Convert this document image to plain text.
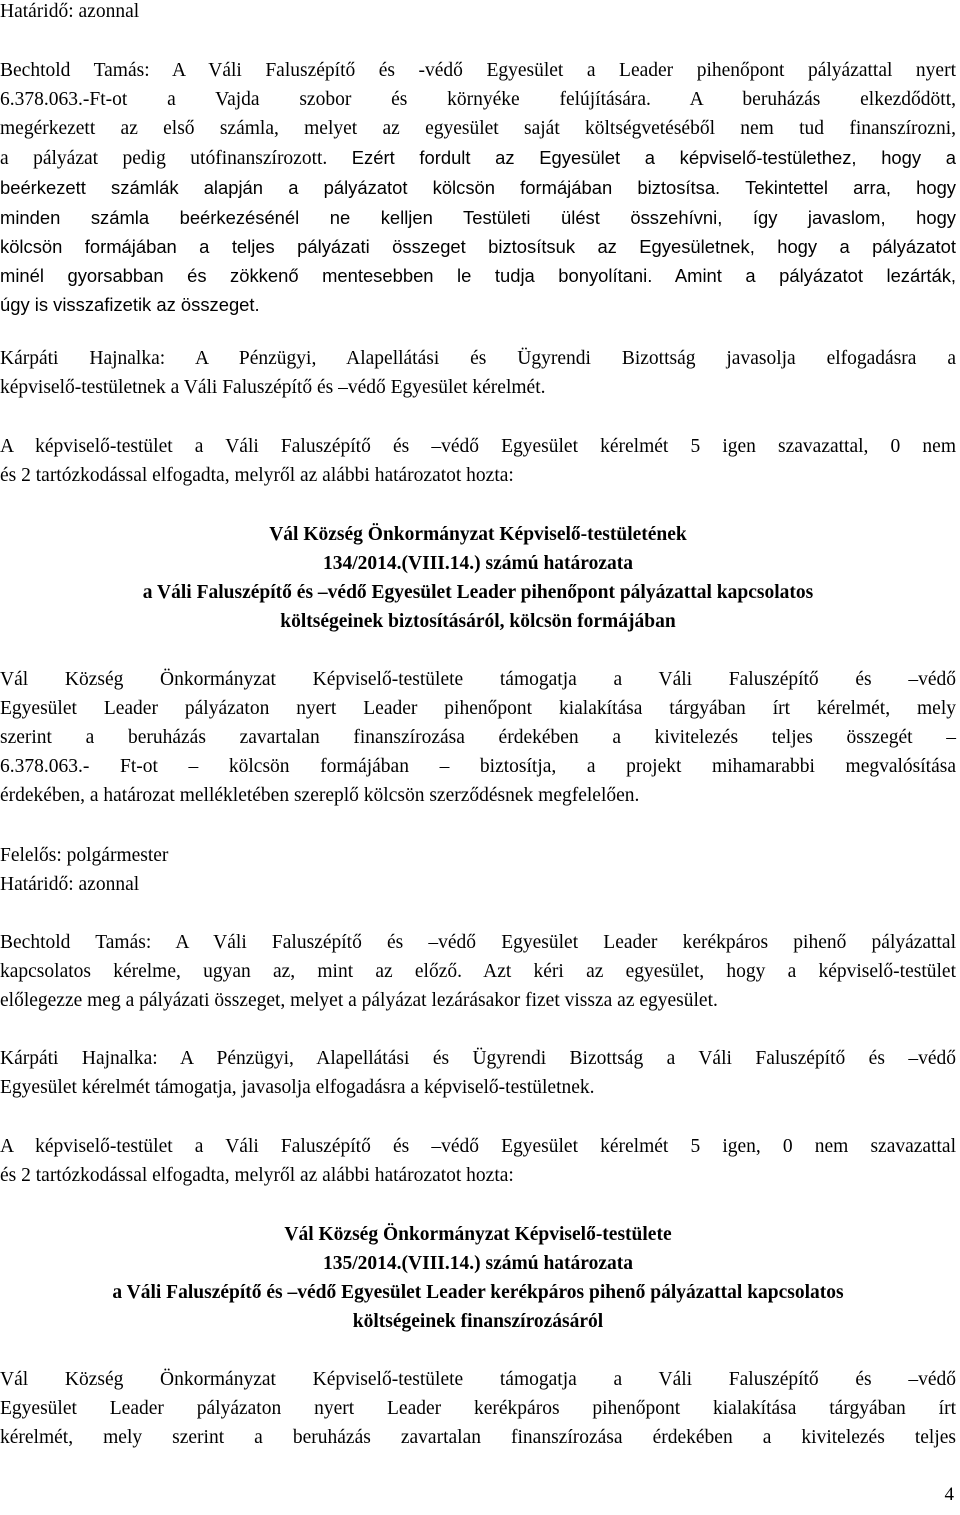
Határidő: azonnal

Bechtold Tamás: A Váli Faluszépítő és -védő Egyesület a Leader pihenőpont pályázattal nyert
6.378.063.-Ft-ot a Vajda szobor és környéke felújítására. A beruházás elkezdődött,
megérkezett az első számla, melyet az egyesület saját költségvetéséből nem tud finanszírozni,
a pályázat pedig utófinanszírozott. Ezért fordult az Egyesület a képviselő-testülethez, hogy a
beérkezett számlák alapján a pályázatot kölcsön formájában biztosítsa. Tekintettel arra, hogy
minden számla beérkezésénél ne kelljen Testületi ülést összehívni, így javaslom, hogy
kölcsön formájában a teljes pályázati összeget biztosítsuk az Egyesületnek, hogy a pályázatot
minél gyorsabban és zökkenő mentesebben le tudja bonyolítani. Amint a pályázatot lezárták,
úgy is visszafizetik az összeget.
Kárpáti Hajnalka: A Pénzügyi, Alapellátási és Ügyrendi Bizottság javasolja elfogadásra a
képviselő-testületnek a Váli Faluszépítő és –védő Egyesület kérelmét.
A képviselő-testület a Váli Faluszépítő és –védő Egyesület kérelmét 5 igen szavazattal, 0 nem
és 2 tartózkodással elfogadta, melyről az alábbi határozatot hozta:
Vál Község Önkormányzat Képviselő-testületének
134/2014.(VIII.14.) számú határozata
a Váli Faluszépítő és –védő Egyesület Leader pihenőpont pályázattal kapcsolatos
költségeinek biztosításáról, kölcsön formájában
Vál Község Önkormányzat Képviselő-testülete támogatja a Váli Faluszépítő és –védő
Egyesület Leader pályázaton nyert Leader pihenőpont kialakítása tárgyában írt kérelmét, mely
szerint a beruházás zavartalan finanszírozása érdekében a kivitelezés teljes összegét –
6.378.063.- Ft-ot – kölcsön formájában – biztosítja, a projekt mihamarabbi megvalósítása
érdekében, a határozat mellékletében szereplő kölcsön szerződésnek megfelelően.
Felelős: polgármester
Határidő: azonnal
Bechtold Tamás: A Váli Faluszépítő és –védő Egyesület Leader kerékpáros pihenő pályázattal
kapcsolatos kérelme, ugyan az, mint az előző. Azt kéri az egyesület, hogy a képviselő-testület
előlegezze meg a pályázati összeget, melyet a pályázat lezárásakor fizet vissza az egyesület.
Kárpáti Hajnalka: A Pénzügyi, Alapellátási és Ügyrendi Bizottság a Váli Faluszépítő és –védő
Egyesület kérelmét támogatja, javasolja elfogadásra a képviselő-testületnek.
A képviselő-testület a Váli Faluszépítő és –védő Egyesület kérelmét 5 igen, 0 nem szavazattal
és 2 tartózkodással elfogadta, melyről az alábbi határozatot hozta:
Vál Község Önkormányzat Képviselő-testülete
135/2014.(VIII.14.) számú határozata
a Váli Faluszépítő és –védő Egyesület Leader kerékpáros pihenő pályázattal kapcsolatos
költségeinek finanszírozásáról
Vál Község Önkormányzat Képviselő-testülete támogatja a Váli Faluszépítő és –védő
Egyesület Leader pályázaton nyert Leader kerékpáros pihenőpont kialakítása tárgyában írt
kérelmét, mely szerint a beruházás zavartalan finanszírozása érdekében a kivitelezés teljes
4
